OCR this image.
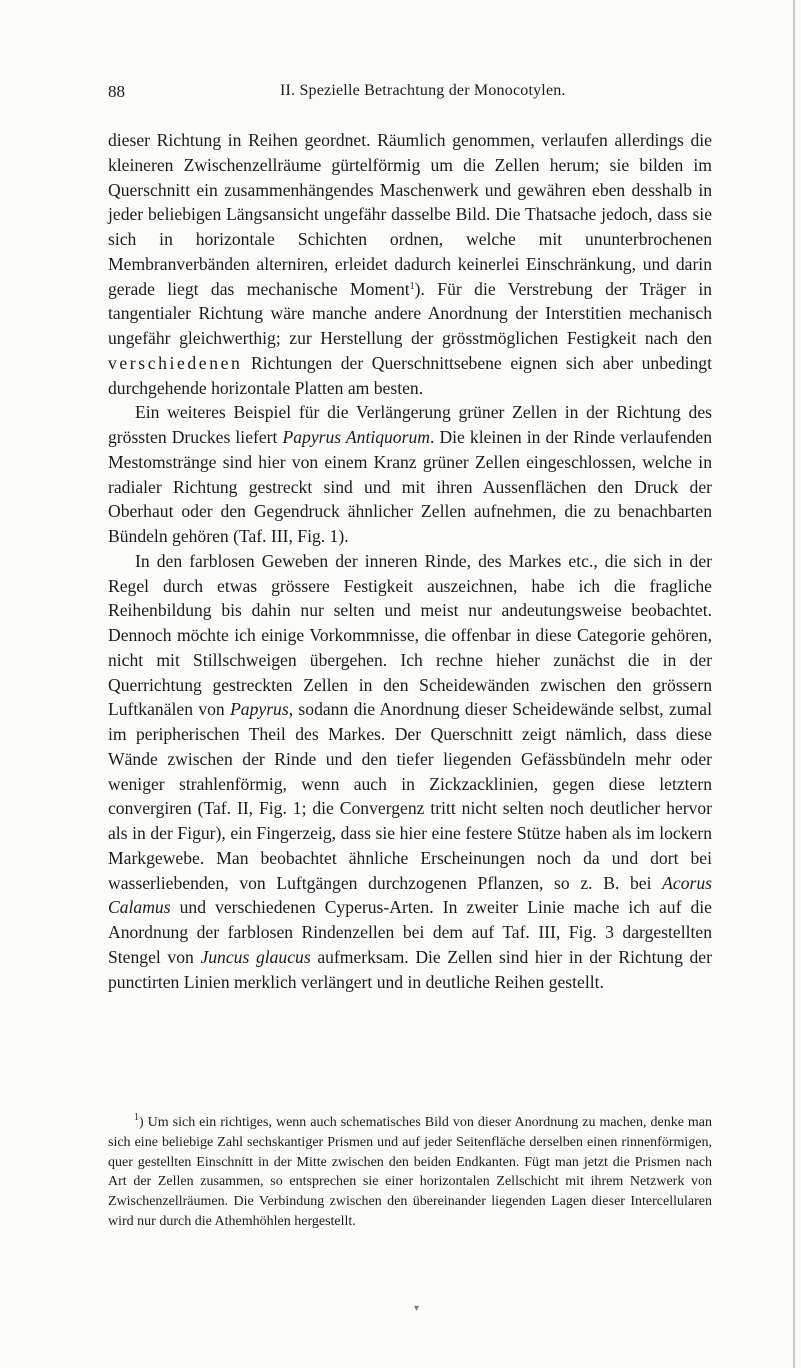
88	II. Spezielle Betrachtung der Monocotylen.

dieser Richtung in Reihen geordnet. Räumlich genommen, verlaufen allerdings die kleineren Zwischenzellräume gürtelförmig um die Zellen herum; sie bilden im Querschnitt ein zusammenhängendes Maschenwerk und gewähren eben desshalb in jeder beliebigen Längsansicht ungefähr dasselbe Bild. Die Thatsache jedoch, dass sie sich in horizontale Schichten ordnen, welche mit ununterbrochenen Membranverbänden alterniren, erleidet dadurch keinerlei Einschränkung, und darin gerade liegt das mechanische Moment$^1$). Für die Verstrebung der Träger in tangentialer Richtung wäre manche andere Anordnung der Interstitien mechanisch ungefähr gleichwerthig; zur Herstellung der grösstmöglichen Festigkeit nach den verschiedenen Richtungen der Querschnittsebene eignen sich aber unbedingt durchgehende horizontale Platten am besten.

Ein weiteres Beispiel für die Verlängerung grüner Zellen in der Richtung des grössten Druckes liefert Papyrus Antiquorum. Die kleinen in der Rinde verlaufenden Mestomstränge sind hier von einem Kranz grüner Zellen eingeschlossen, welche in radialer Richtung gestreckt sind und mit ihren Aussenflächen den Druck der Oberhaut oder den Gegendruck ähnlicher Zellen aufnehmen, die zu benachbarten Bündeln gehören (Taf. III, Fig. 1).

In den farblosen Geweben der inneren Rinde, des Markes etc., die sich in der Regel durch etwas grössere Festigkeit auszeichnen, habe ich die fragliche Reihenbildung bis dahin nur selten und meist nur andeutungsweise beobachtet. Dennoch möchte ich einige Vorkommnisse, die offenbar in diese Categorie gehören, nicht mit Stillschweigen übergehen. Ich rechne hieher zunächst die in der Querrichtung gestreckten Zellen in den Scheidewänden zwischen den grössern Luftkanälen von Papyrus, sodann die Anordnung dieser Scheidewände selbst, zumal im peripherischen Theil des Markes. Der Querschnitt zeigt nämlich, dass diese Wände zwischen der Rinde und den tiefer liegenden Gefässbündeln mehr oder weniger strahlenförmig, wenn auch in Zickzacklinien, gegen diese letztern convergiren (Taf. II, Fig. 1; die Convergenz tritt nicht selten noch deutlicher hervor als in der Figur), ein Fingerzeig, dass sie hier eine festere Stütze haben als im lockern Markgewebe. Man beobachtet ähnliche Erscheinungen noch da und dort bei wasserliebenden, von Luftgängen durchzogenen Pflanzen, so z. B. bei Acorus Calamus und verschiedenen Cyperus-Arten. In zweiter Linie mache ich auf die Anordnung der farblosen Rindenzellen bei dem auf Taf. III, Fig. 3 dargestellten Stengel von Juncus glaucus aufmerksam. Die Zellen sind hier in der Richtung der punctirten Linien merklich verlängert und in deutliche Reihen gestellt.

$^1$) Um sich ein richtiges, wenn auch schematisches Bild von dieser Anordnung zu machen, denke man sich eine beliebige Zahl sechskantiger Prismen und auf jeder Seitenfläche derselben einen rinnenförmigen, quer gestellten Einschnitt in der Mitte zwischen den beiden Endkanten. Fügt man jetzt die Prismen nach Art der Zellen zusammen, so entsprechen sie einer horizontalen Zellschicht mit ihrem Netzwerk von Zwischenzellräumen. Die Verbindung zwischen den übereinander liegenden Lagen dieser Intercellularen wird nur durch die Athemhöhlen hergestellt.

▾
